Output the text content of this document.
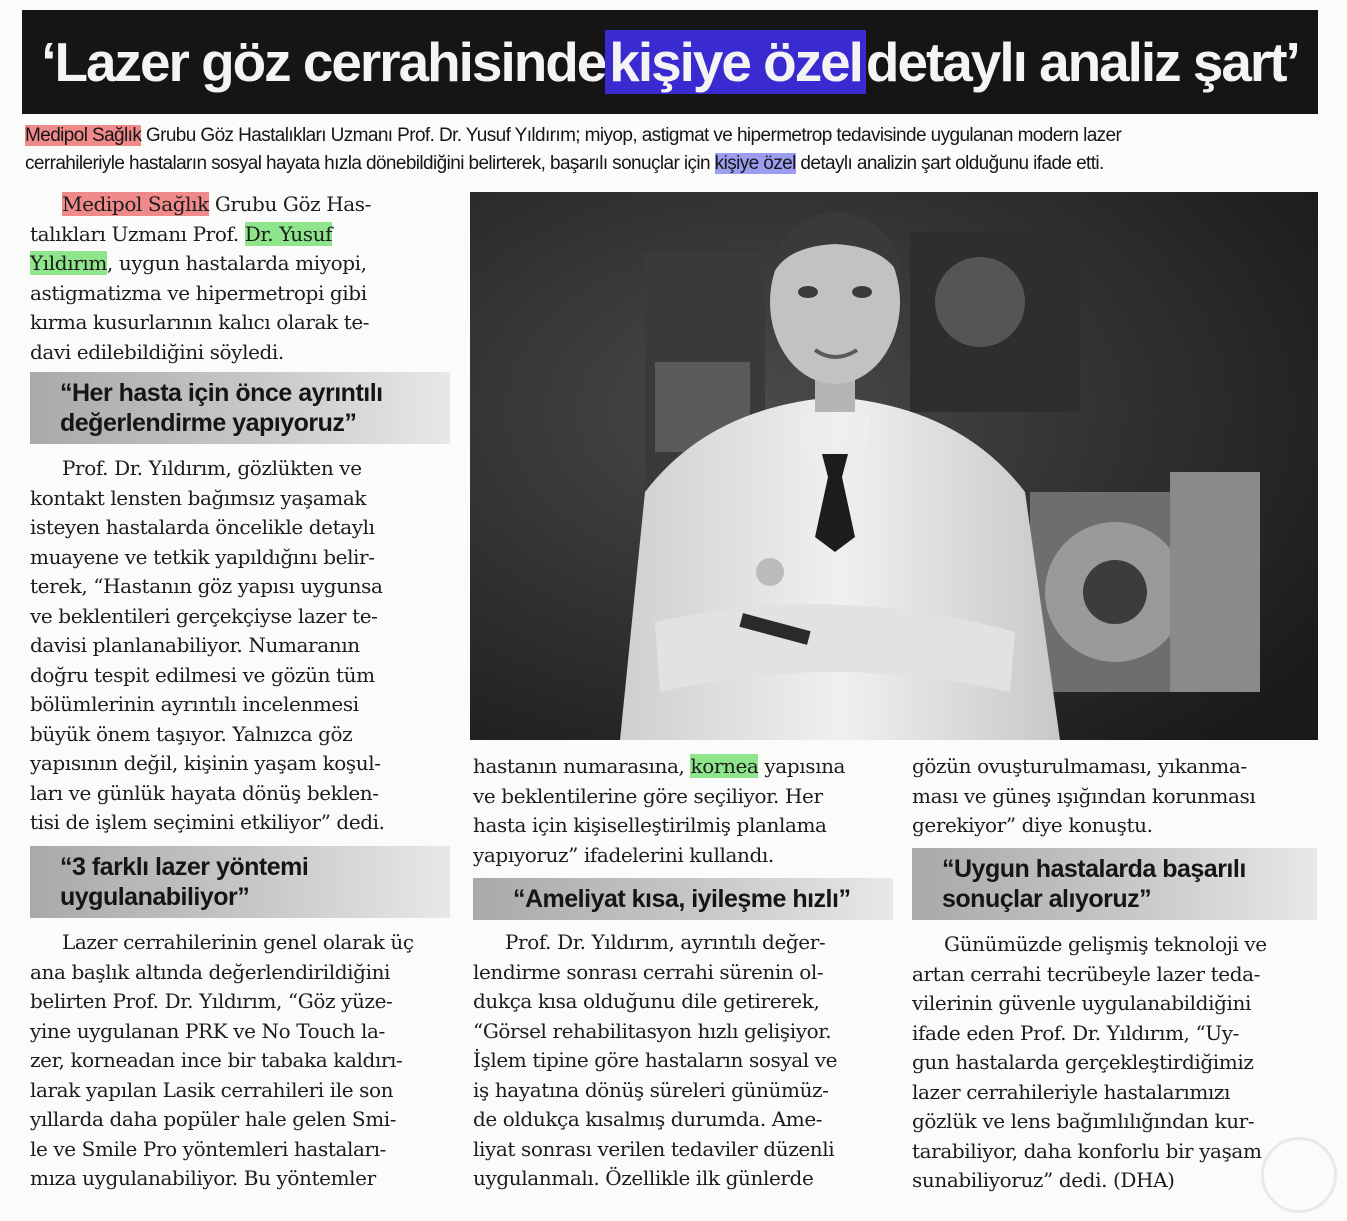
‘Lazer göz cerrahisinde kişiye özel detaylı analiz şart’

Medipol Sağlık Grubu Göz Hastalıkları Uzmanı Prof. Dr. Yusuf Yıldırım; miyop, astigmat ve hipermetrop tedavisinde uygulanan modern lazer

cerrahileriyle hastaların sosyal hayata hızla dönebildiğini belirterek, başarılı sonuçlar için kişiye özel detaylı analizin şart olduğunu ifade etti.

Medipol Sağlık Grubu Göz Has-

talıkları Uzmanı Prof. Dr. Yusuf

Yıldırım, uygun hastalarda miyopi,

astigmatizma ve hipermetropi gibi

kırma kusurlarının kalıcı olarak te-

davi edilebildiğini söyledi.

“Her hasta için önce ayrıntılı

değerlendirme yapıyoruz”

Prof. Dr. Yıldırım, gözlükten ve

kontakt lensten bağımsız yaşamak

isteyen hastalarda öncelikle detaylı

muayene ve tetkik yapıldığını belir-

terek, “Hastanın göz yapısı uygunsa

ve beklentileri gerçekçiyse lazer te-

davisi planlanabiliyor. Numaranın

doğru tespit edilmesi ve gözün tüm

bölümlerinin ayrıntılı incelenmesi

büyük önem taşıyor. Yalnızca göz

yapısının değil, kişinin yaşam koşul-

ları ve günlük hayata dönüş beklen-

tisi de işlem seçimini etkiliyor” dedi.

“3 farklı lazer yöntemi

uygulanabiliyor”

Lazer cerrahilerinin genel olarak üç

ana başlık altında değerlendirildiğini

belirten Prof. Dr. Yıldırım, “Göz yüze-

yine uygulanan PRK ve No Touch la-

zer, korneadan ince bir tabaka kaldırı-

larak yapılan Lasik cerrahileri ile son

yıllarda daha popüler hale gelen Smi-

le ve Smile Pro yöntemleri hastaları-

mıza uygulanabiliyor. Bu yöntemler

hastanın numarasına, kornea yapısına

ve beklentilerine göre seçiliyor. Her

hasta için kişiselleştirilmiş planlama

yapıyoruz” ifadelerini kullandı.

“Ameliyat kısa, iyileşme hızlı”

Prof. Dr. Yıldırım, ayrıntılı değer-

lendirme sonrası cerrahi sürenin ol-

dukça kısa olduğunu dile getirerek,

“Görsel rehabilitasyon hızlı gelişiyor.

İşlem tipine göre hastaların sosyal ve

iş hayatına dönüş süreleri günümüz-

de oldukça kısalmış durumda. Ame-

liyat sonrası verilen tedaviler düzenli

uygulanmalı. Özellikle ilk günlerde

gözün ovuşturulmaması, yıkanma-

ması ve güneş ışığından korunması

gerekiyor” diye konuştu.

“Uygun hastalarda başarılı

sonuçlar alıyoruz”

Günümüzde gelişmiş teknoloji ve

artan cerrahi tecrübeyle lazer teda-

vilerinin güvenle uygulanabildiğini

ifade eden Prof. Dr. Yıldırım, “Uy-

gun hastalarda gerçekleştirdiğimiz

lazer cerrahileriyle hastalarımızı

gözlük ve lens bağımlılığından kur-

tarabiliyor, daha konforlu bir yaşam

sunabiliyoruz” dedi. (DHA)
